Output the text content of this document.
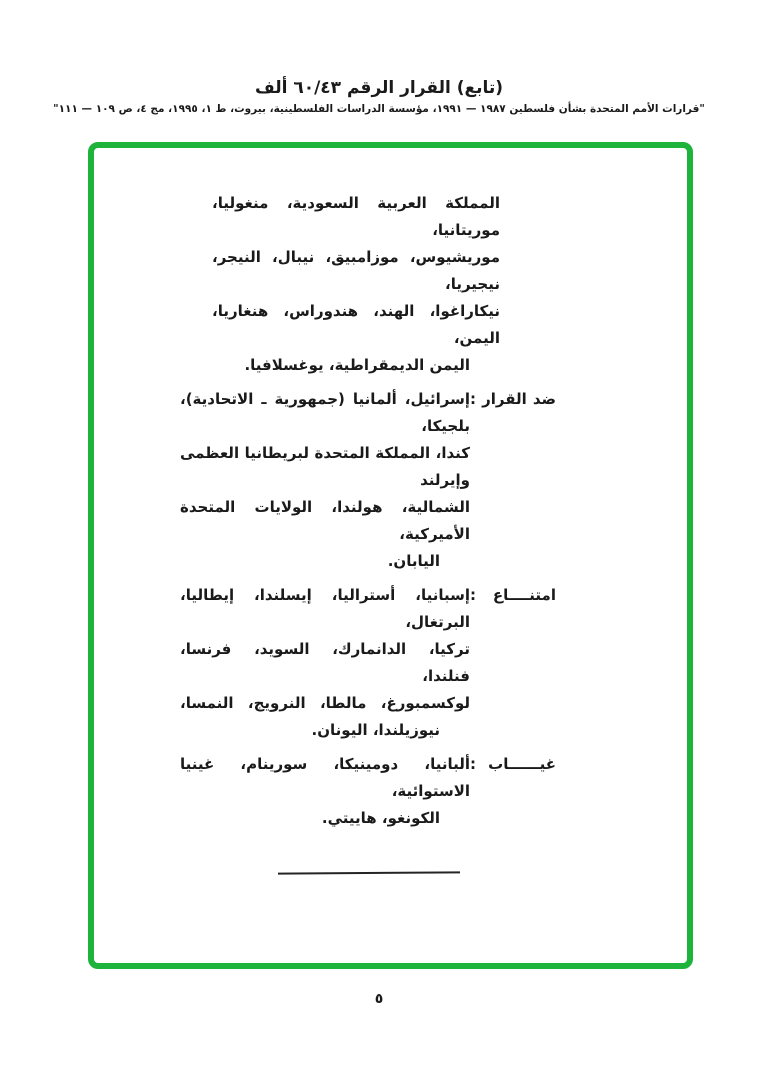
(تابع) القرار الرقم ٦٠/٤٣ ألف
"قرارات الأمم المتحدة بشأن فلسطين ١٩٨٧ — ١٩٩١، مؤسسة الدراسات الفلسطينية، بيروت، ط ١، ١٩٩٥، مج ٤، ص ١٠٩ — ١١١"
المملكة العربية السعودية، منغوليا، موريتانيا،
موريشيوس، موزامبيق، نيبال، النيجر، نيجيريا،
نيكاراغوا، الهند، هندوراس، هنغاريا، اليمن،
اليمن الديمقراطية، يوغسلافيا.
ضد القرار :
إسرائيل، ألمانيا (جمهورية ـ الاتحادية)، بلجيكا،
كندا، المملكة المتحدة لبريطانيا العظمى وإيرلند
الشمالية، هولندا، الولايات المتحدة الأميركية،
اليابان.
امتنــــاع :
إسبانيا، أستراليا، إيسلندا، إيطاليا، البرتغال،
تركيا، الدانمارك، السويد، فرنسا، فنلندا،
لوكسمبورغ، مالطا، النرويج، النمسا،
نيوزيلندا، اليونان.
غيــــــاب :
ألبانيا، دومينيكا، سورينام، غينيا الاستوائية،
الكونغو، هاييتي.
٥
